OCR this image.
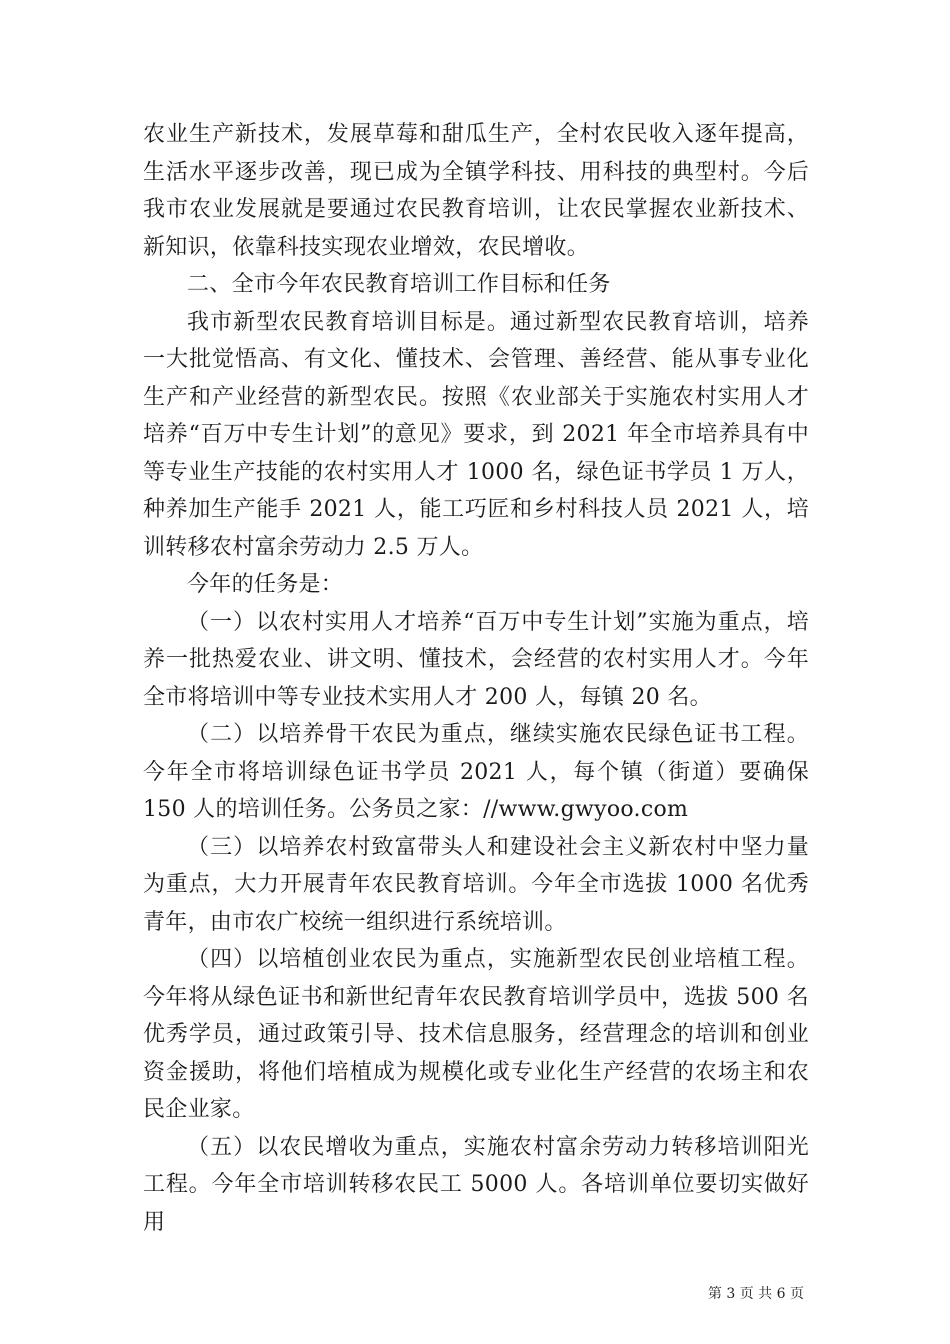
农业生产新技术，发展草莓和甜瓜生产，全村农民收入逐年提高，生活水平逐步改善，现已成为全镇学科技、用科技的典型村。今后我市农业发展就是要通过农民教育培训，让农民掌握农业新技术、新知识，依靠科技实现农业增效，农民增收。

二、全市今年农民教育培训工作目标和任务

我市新型农民教育培训目标是。通过新型农民教育培训，培养一大批觉悟高、有文化、懂技术、会管理、善经营、能从事专业化生产和产业经营的新型农民。按照《农业部关于实施农村实用人才培养“百万中专生计划”的意见》要求，到 2021 年全市培养具有中等专业生产技能的农村实用人才 1000 名，绿色证书学员 1 万人，种养加生产能手 2021 人，能工巧匠和乡村科技人员 2021 人，培训转移农村富余劳动力 2.5 万人。

今年的任务是：

（一）以农村实用人才培养“百万中专生计划”实施为重点，培养一批热爱农业、讲文明、懂技术，会经营的农村实用人才。今年全市将培训中等专业技术实用人才 200 人，每镇 20 名。

（二）以培养骨干农民为重点，继续实施农民绿色证书工程。今年全市将培训绿色证书学员 2021 人，每个镇（街道）要确保 150 人的培训任务。公务员之家：//www.gwyoo.com

（三）以培养农村致富带头人和建设社会主义新农村中坚力量为重点，大力开展青年农民教育培训。今年全市选拔 1000 名优秀青年，由市农广校统一组织进行系统培训。

（四）以培植创业农民为重点，实施新型农民创业培植工程。今年将从绿色证书和新世纪青年农民教育培训学员中，选拔 500 名优秀学员，通过政策引导、技术信息服务，经营理念的培训和创业资金援助，将他们培植成为规模化或专业化生产经营的农场主和农民企业家。

（五）以农民增收为重点，实施农村富余劳动力转移培训阳光工程。今年全市培训转移农民工 5000 人。各培训单位要切实做好用

第 3 页 共 6 页
